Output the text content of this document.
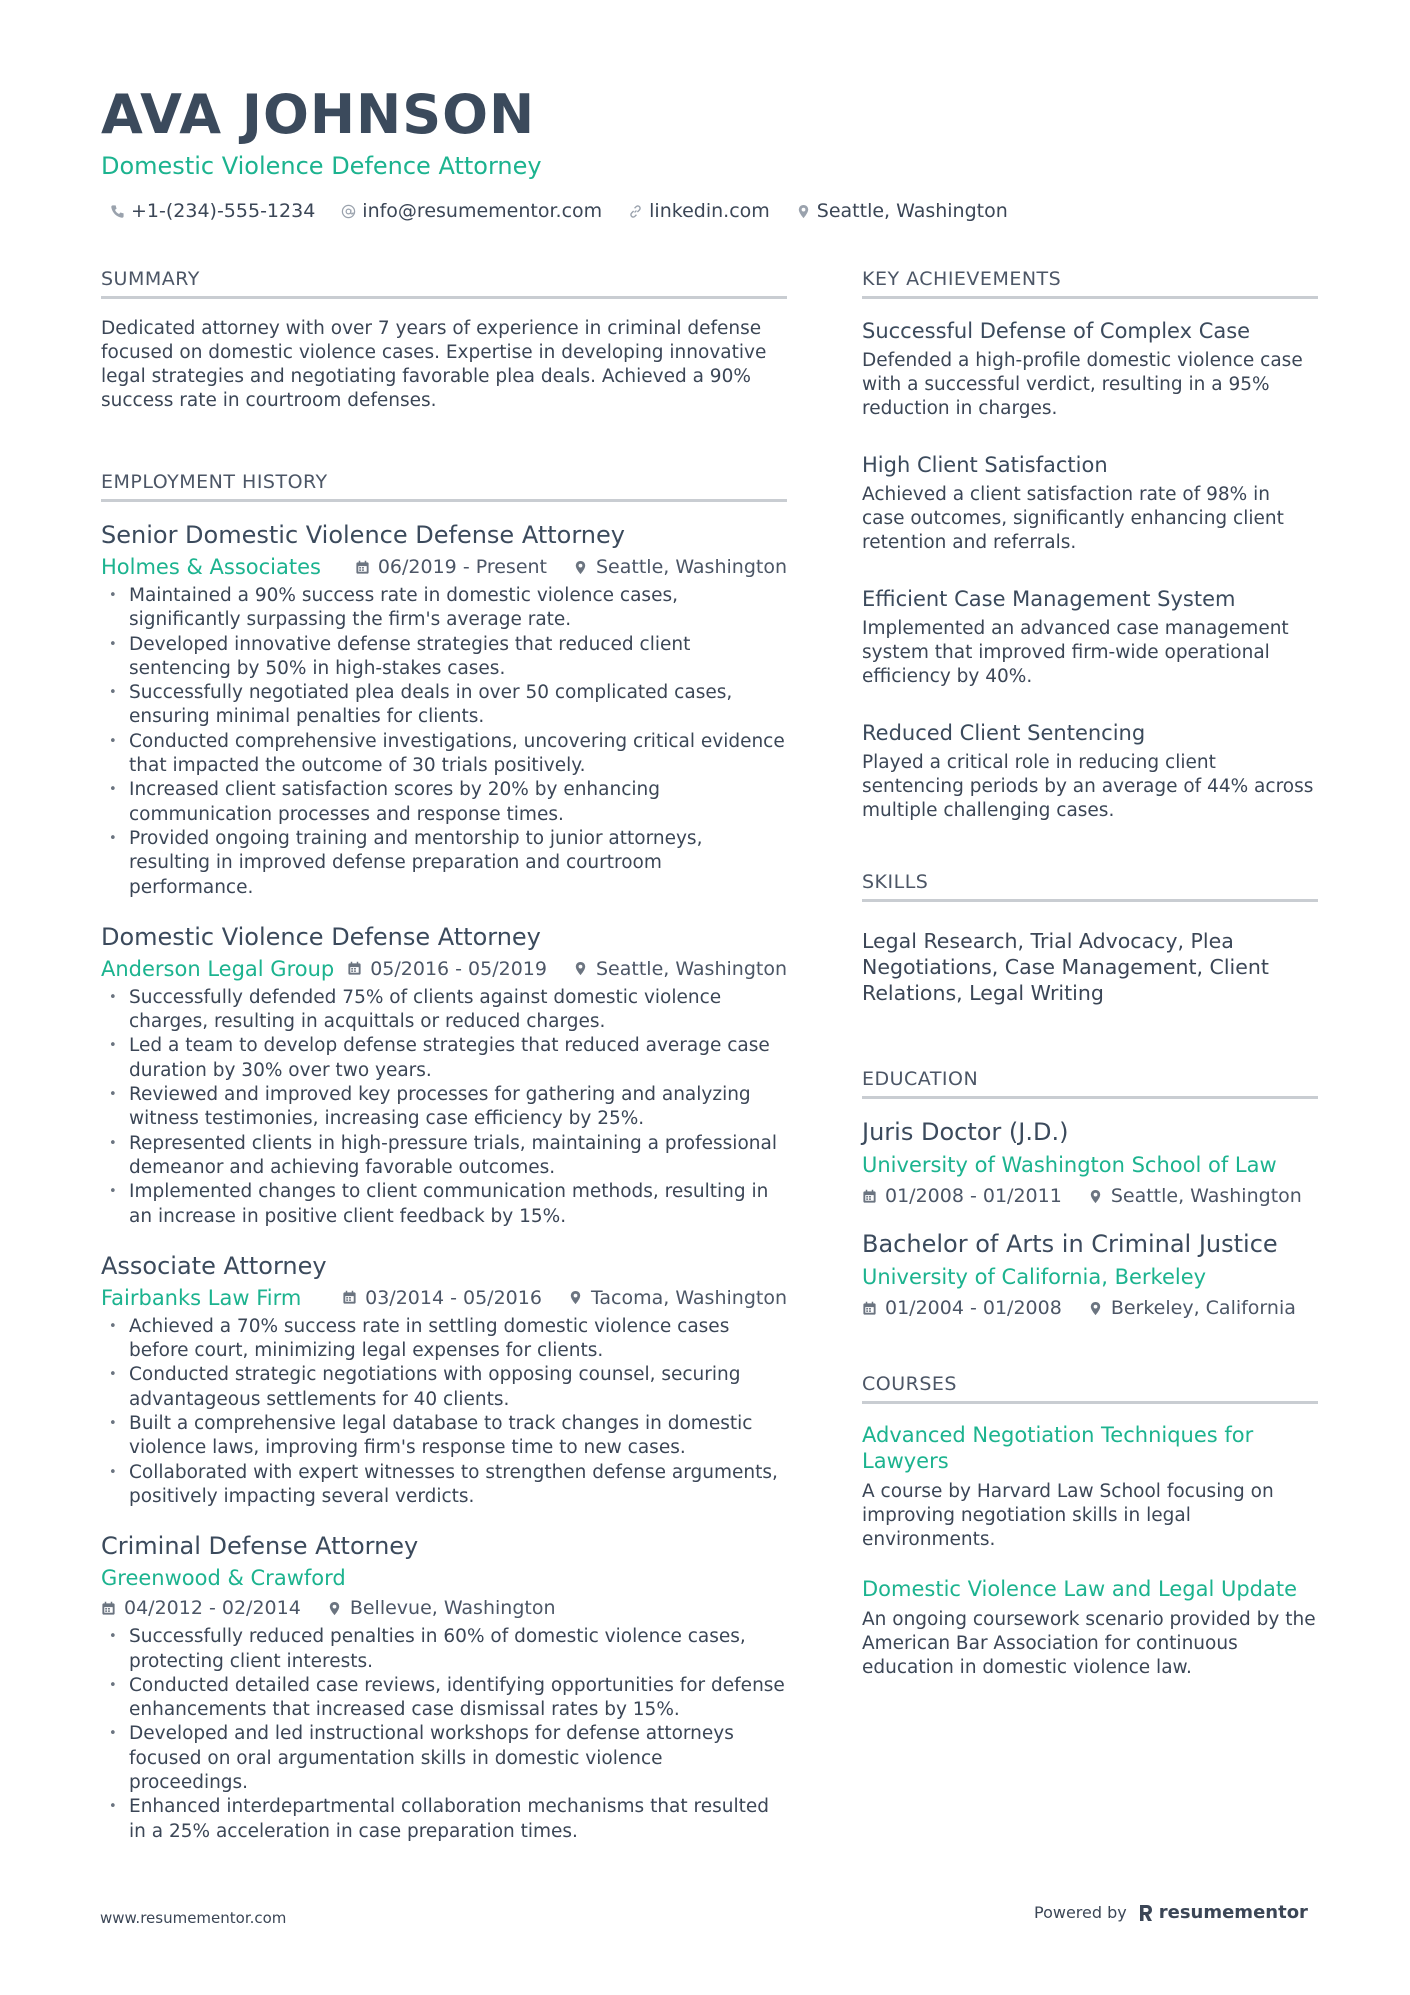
AVA JOHNSON
Domestic Violence Defence Attorney
+1-(234)-555-1234 info@resumementor.com linkedin.com Seattle, Washington
SUMMARY
Dedicated attorney with over 7 years of experience in criminal defense focused on domestic violence cases. Expertise in developing innovative legal strategies and negotiating favorable plea deals. Achieved a 90% success rate in courtroom defenses.
EMPLOYMENT HISTORY
Senior Domestic Violence Defense Attorney
Holmes & Associates	06/2019 - Present	Seattle, Washington
• Maintained a 90% success rate in domestic violence cases, significantly surpassing the firm's average rate.
• Developed innovative defense strategies that reduced client sentencing by 50% in high-stakes cases.
• Successfully negotiated plea deals in over 50 complicated cases, ensuring minimal penalties for clients.
• Conducted comprehensive investigations, uncovering critical evidence that impacted the outcome of 30 trials positively.
• Increased client satisfaction scores by 20% by enhancing communication processes and response times.
• Provided ongoing training and mentorship to junior attorneys, resulting in improved defense preparation and courtroom performance.
Domestic Violence Defense Attorney
Anderson Legal Group 05/2016 - 05/2019	Seattle, Washington
• Successfully defended 75% of clients against domestic violence charges, resulting in acquittals or reduced charges.
• Led a team to develop defense strategies that reduced average case duration by 30% over two years.
• Reviewed and improved key processes for gathering and analyzing witness testimonies, increasing case efficiency by 25%.
• Represented clients in high-pressure trials, maintaining a professional demeanor and achieving favorable outcomes.
• Implemented changes to client communication methods, resulting in an increase in positive client feedback by 15%.
Associate Attorney
Fairbanks Law Firm	03/2014 - 05/2016	Tacoma, Washington
• Achieved a 70% success rate in settling domestic violence cases before court, minimizing legal expenses for clients.
• Conducted strategic negotiations with opposing counsel, securing advantageous settlements for 40 clients.
• Built a comprehensive legal database to track changes in domestic violence laws, improving firm's response time to new cases.
• Collaborated with expert witnesses to strengthen defense arguments, positively impacting several verdicts.
Criminal Defense Attorney
Greenwood & Crawford
04/2012 - 02/2014	Bellevue, Washington
• Successfully reduced penalties in 60% of domestic violence cases, protecting client interests.
• Conducted detailed case reviews, identifying opportunities for defense enhancements that increased case dismissal rates by 15%.
• Developed and led instructional workshops for defense attorneys focused on oral argumentation skills in domestic violence proceedings.
• Enhanced interdepartmental collaboration mechanisms that resulted in a 25% acceleration in case preparation times.
KEY ACHIEVEMENTS
Successful Defense of Complex Case
Defended a high-profile domestic violence case with a successful verdict, resulting in a 95% reduction in charges.
High Client Satisfaction
Achieved a client satisfaction rate of 98% in case outcomes, significantly enhancing client retention and referrals.
Efficient Case Management System
Implemented an advanced case management system that improved firm-wide operational efficiency by 40%.
Reduced Client Sentencing
Played a critical role in reducing client sentencing periods by an average of 44% across multiple challenging cases.
SKILLS
Legal Research, Trial Advocacy, Plea Negotiations, Case Management, Client Relations, Legal Writing
EDUCATION
Juris Doctor (J.D.)
University of Washington School of Law
01/2008 - 01/2011	Seattle, Washington
Bachelor of Arts in Criminal Justice
University of California, Berkeley
01/2004 - 01/2008	Berkeley, California
COURSES
Advanced Negotiation Techniques for Lawyers
A course by Harvard Law School focusing on improving negotiation skills in legal environments.
Domestic Violence Law and Legal Update
An ongoing coursework scenario provided by the American Bar Association for continuous education in domestic violence law.
www.resumementor.com	Powered by resumementor
